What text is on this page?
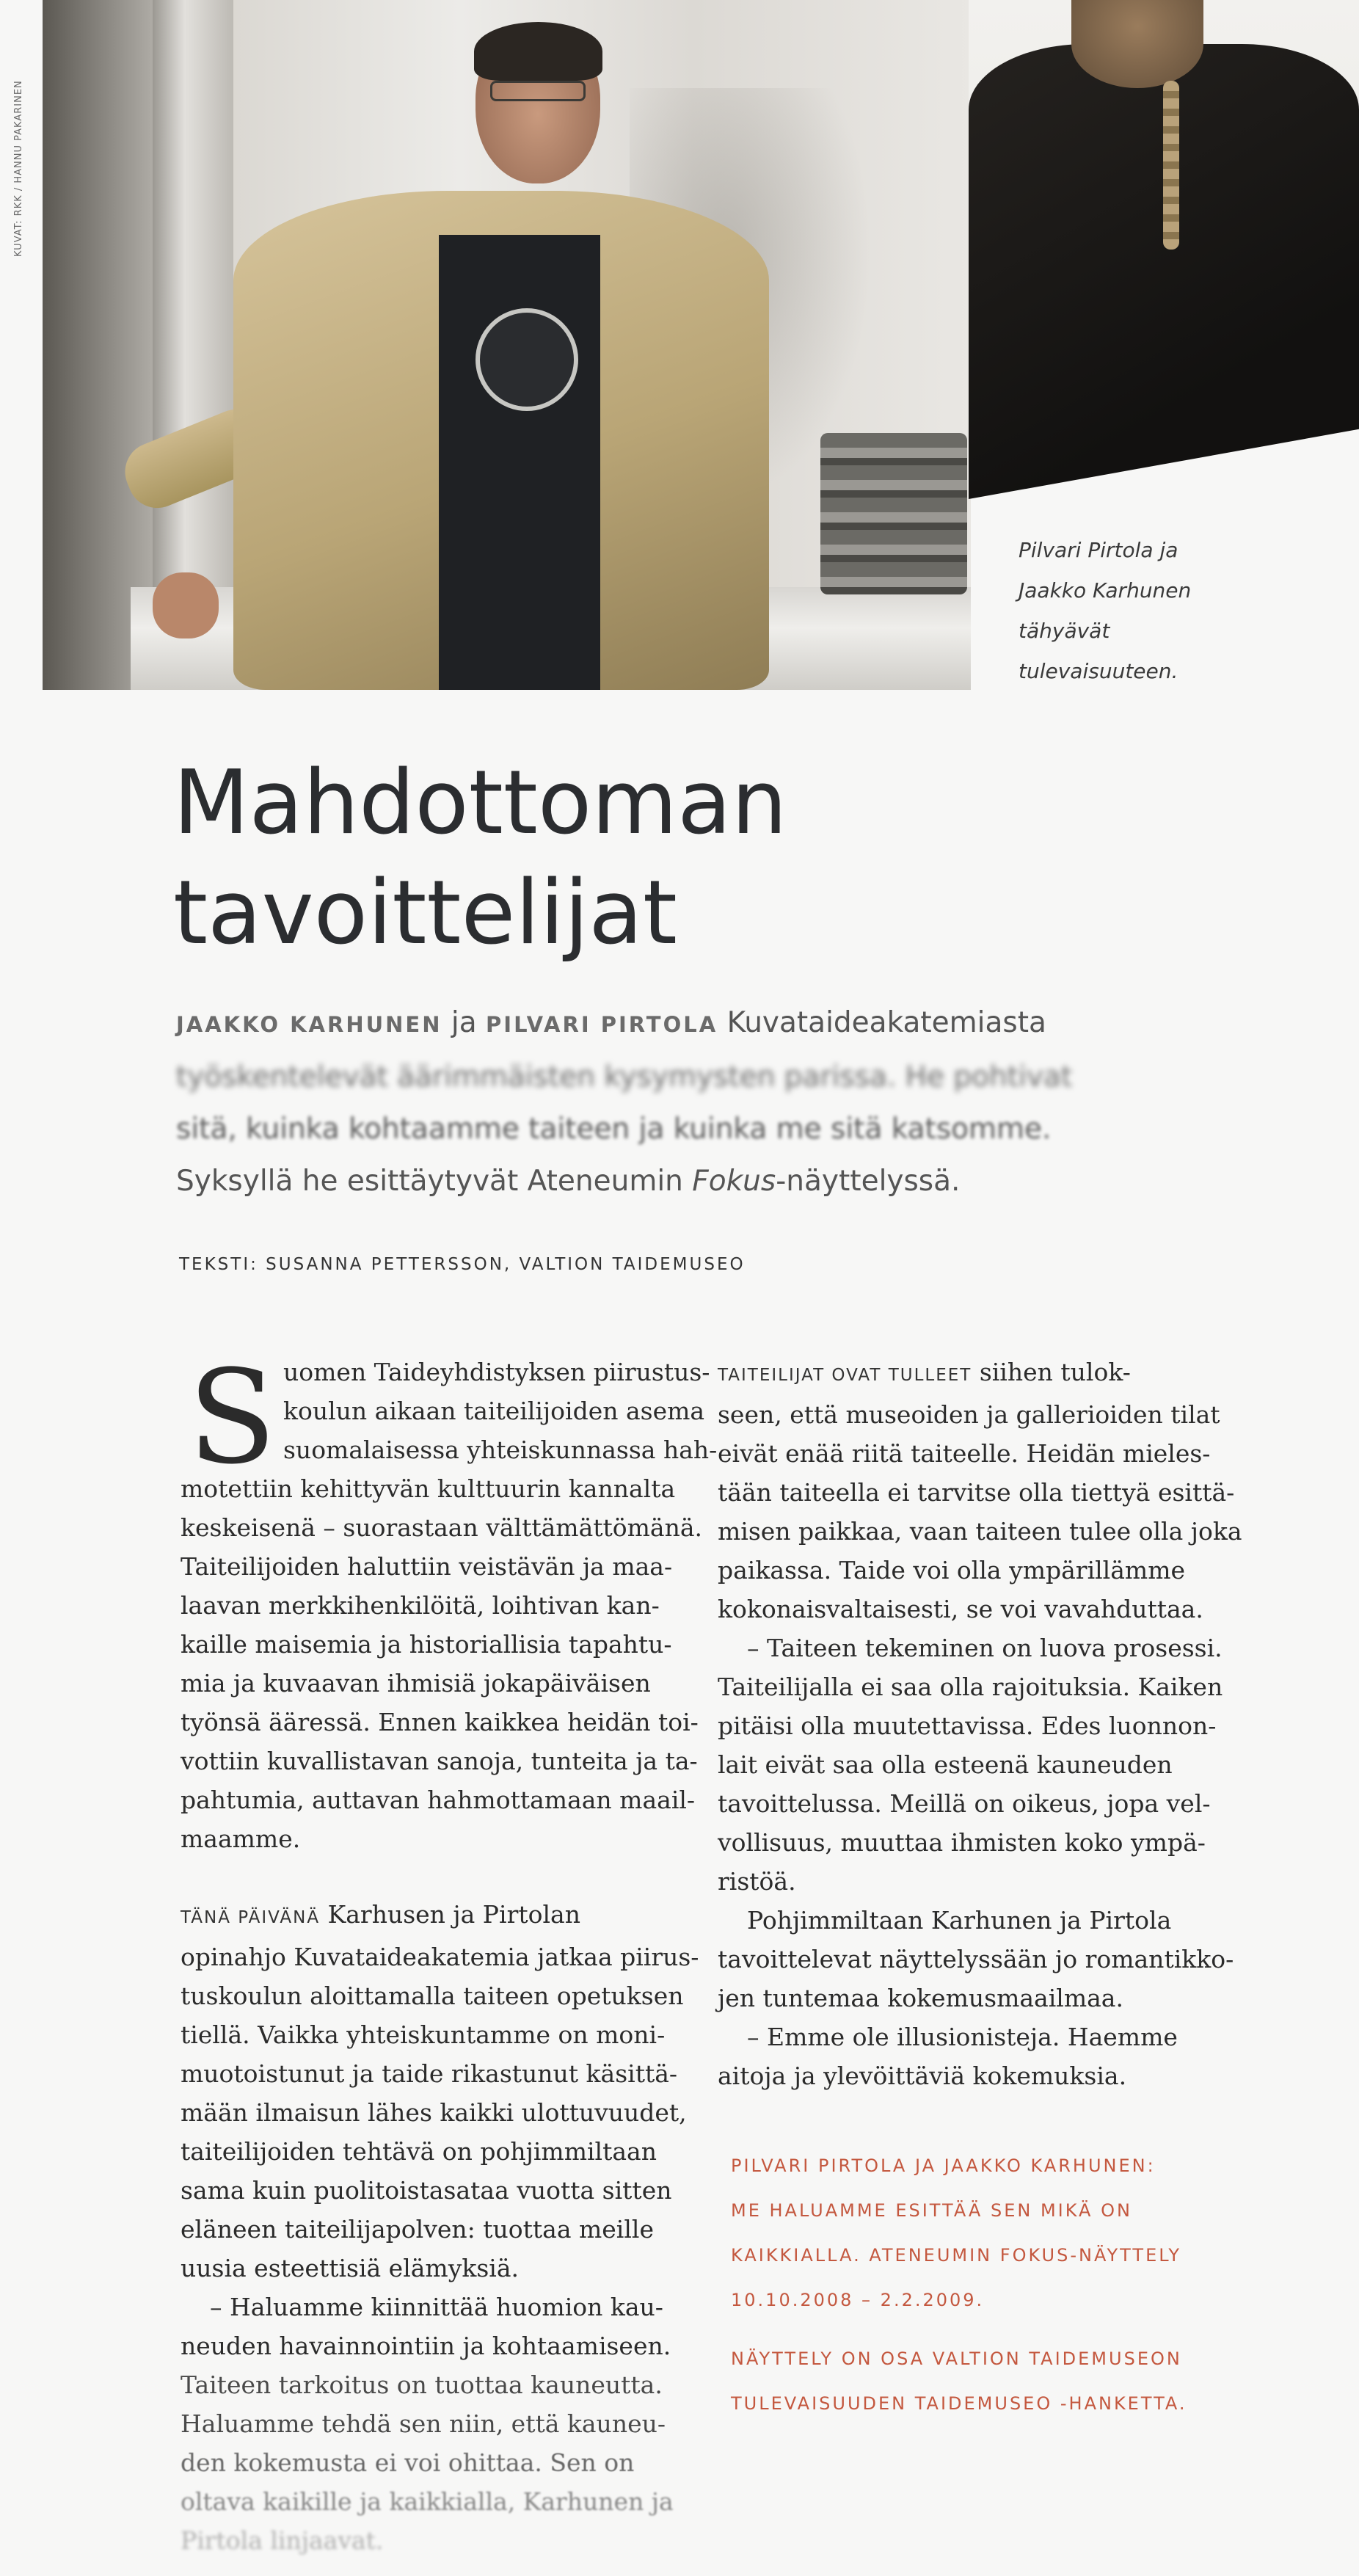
KUVAT: RKK / HANNU PAKARINEN
Pilvari Pirtola ja
Jaakko Karhunen
tähyävät
tulevaisuuteen.
Mahdottoman
tavoittelijat
JAAKKO KARHUNEN ja PILVARI PIRTOLA Kuvataideakatemiasta
työskentelevät äärimmäisten kysymysten parissa. He pohtivat
sitä, kuinka kohtaamme taiteen ja kuinka me sitä katsomme.
Syksyllä he esittäytyvät Ateneumin Fokus-näyttelyssä.
TEKSTI: SUSANNA PETTERSSON, VALTION TAIDEMUSEO
S uomen Taideyhdistyksen piirustus-
koulun aikaan taiteilijoiden asema
suomalaisessa yhteiskunnassa hah-
motettiin kehittyvän kulttuurin kannalta
keskeisenä – suorastaan välttämättömänä.
Taiteilijoiden haluttiin veistävän ja maa-
laavan merkkihenkilöitä, loihtivan kan-
kaille maisemia ja historiallisia tapahtu-
mia ja kuvaavan ihmisiä jokapäiväisen
työnsä ääressä. Ennen kaikkea heidän toi-
vottiin kuvallistavan sanoja, tunteita ja ta-
pahtumia, auttavan hahmottamaan maail-
maamme.
TÄNÄ PÄIVÄNÄ Karhusen ja Pirtolan
opinahjo Kuvataideakatemia jatkaa piirus-
tuskoulun aloittamalla taiteen opetuksen
tiellä. Vaikka yhteiskuntamme on moni-
muotoistunut ja taide rikastunut käsittä-
mään ilmaisun lähes kaikki ulottuvuudet,
taiteilijoiden tehtävä on pohjimmiltaan
sama kuin puolitoistasataa vuotta sitten
eläneen taiteilijapolven: tuottaa meille
uusia esteettisiä elämyksiä.
– Haluamme kiinnittää huomion kau-
neuden havainnointiin ja kohtaamiseen.
Taiteen tarkoitus on tuottaa kauneutta.
Haluamme tehdä sen niin, että kauneu-
den kokemusta ei voi ohittaa. Sen on
oltava kaikille ja kaikkialla, Karhunen ja
Pirtola linjaavat.
TAITEILIJAT OVAT TULLEET siihen tulok-
seen, että museoiden ja gallerioiden tilat
eivät enää riitä taiteelle. Heidän mieles-
tään taiteella ei tarvitse olla tiettyä esittä-
misen paikkaa, vaan taiteen tulee olla joka
paikassa. Taide voi olla ympärillämme
kokonaisvaltaisesti, se voi vavahduttaa.
– Taiteen tekeminen on luova prosessi.
Taiteilijalla ei saa olla rajoituksia. Kaiken
pitäisi olla muutettavissa. Edes luonnon-
lait eivät saa olla esteenä kauneuden
tavoittelussa. Meillä on oikeus, jopa vel-
vollisuus, muuttaa ihmisten koko ympä-
ristöä.
Pohjimmiltaan Karhunen ja Pirtola
tavoittelevat näyttelyssään jo romantikko-
jen tuntemaa kokemusmaailmaa.
– Emme ole illusionisteja. Haemme
aitoja ja ylevöittäviä kokemuksia.
PILVARI PIRTOLA JA JAAKKO KARHUNEN:
ME HALUAMME ESITTÄÄ SEN MIKÄ ON
KAIKKIALLA. ATENEUMIN FOKUS-NÄYTTELY
10.10.2008 – 2.2.2009.
NÄYTTELY ON OSA VALTION TAIDEMUSEON
TULEVAISUUDEN TAIDEMUSEO -HANKETTA.
